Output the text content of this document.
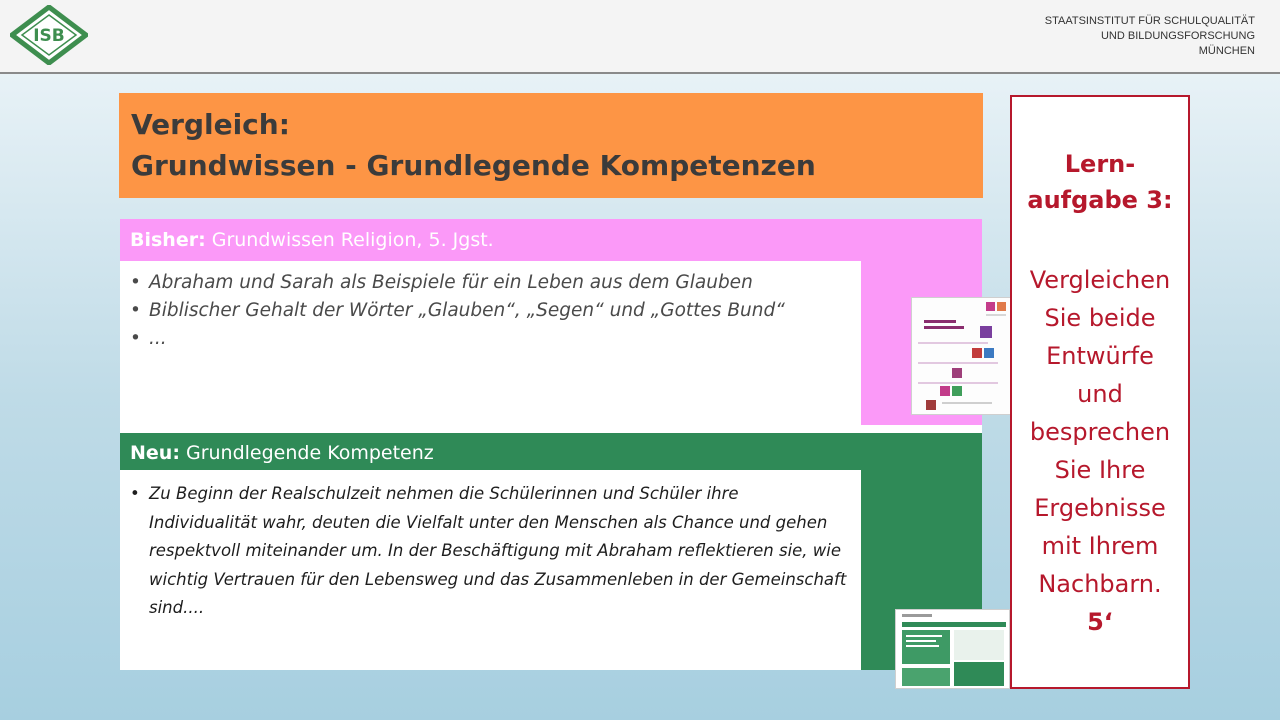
ISB
STAATSINSTITUT FÜR SCHULQUALITÄT
UND BILDUNGSFORSCHUNG
MÜNCHEN
Vergleich:
Grundwissen - Grundlegende Kompetenzen
Bisher: Grundwissen Religion, 5. Jgst.
• Abraham und Sarah als Beispiele für ein Leben aus dem Glauben
• Biblischer Gehalt der Wörter „Glauben“, „Segen“ und „Gottes Bund“
• ...
Neu: Grundlegende Kompetenz
• Zu Beginn der Realschulzeit nehmen die Schülerinnen und Schüler ihre Individualität wahr, deuten die Vielfalt unter den Menschen als Chance und gehen respektvoll miteinander um. In der Beschäftigung mit Abraham reflektieren sie, wie wichtig Vertrauen für den Lebensweg und das Zusammenleben in der Gemeinschaft sind....
Lern-
aufgabe 3:
Vergleichen
Sie beide
Entwürfe
und
besprechen
Sie Ihre
Ergebnisse
mit Ihrem
Nachbarn.
5‘
